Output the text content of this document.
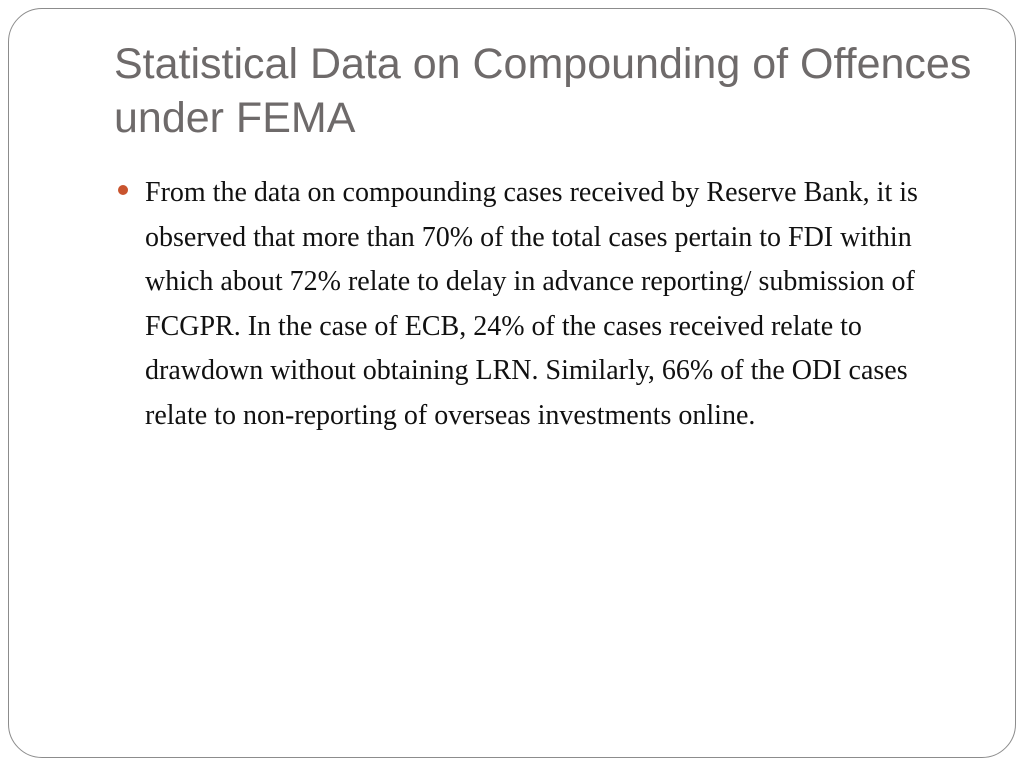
Statistical Data on Compounding of Offences under FEMA
From the data on compounding cases received by Reserve Bank, it is observed that more than 70% of the total cases pertain to FDI within which about 72% relate to delay in advance reporting/ submission of FCGPR. In the case of ECB, 24% of the cases received relate to drawdown without obtaining LRN. Similarly, 66% of the ODI cases relate to non-reporting of overseas investments online.
